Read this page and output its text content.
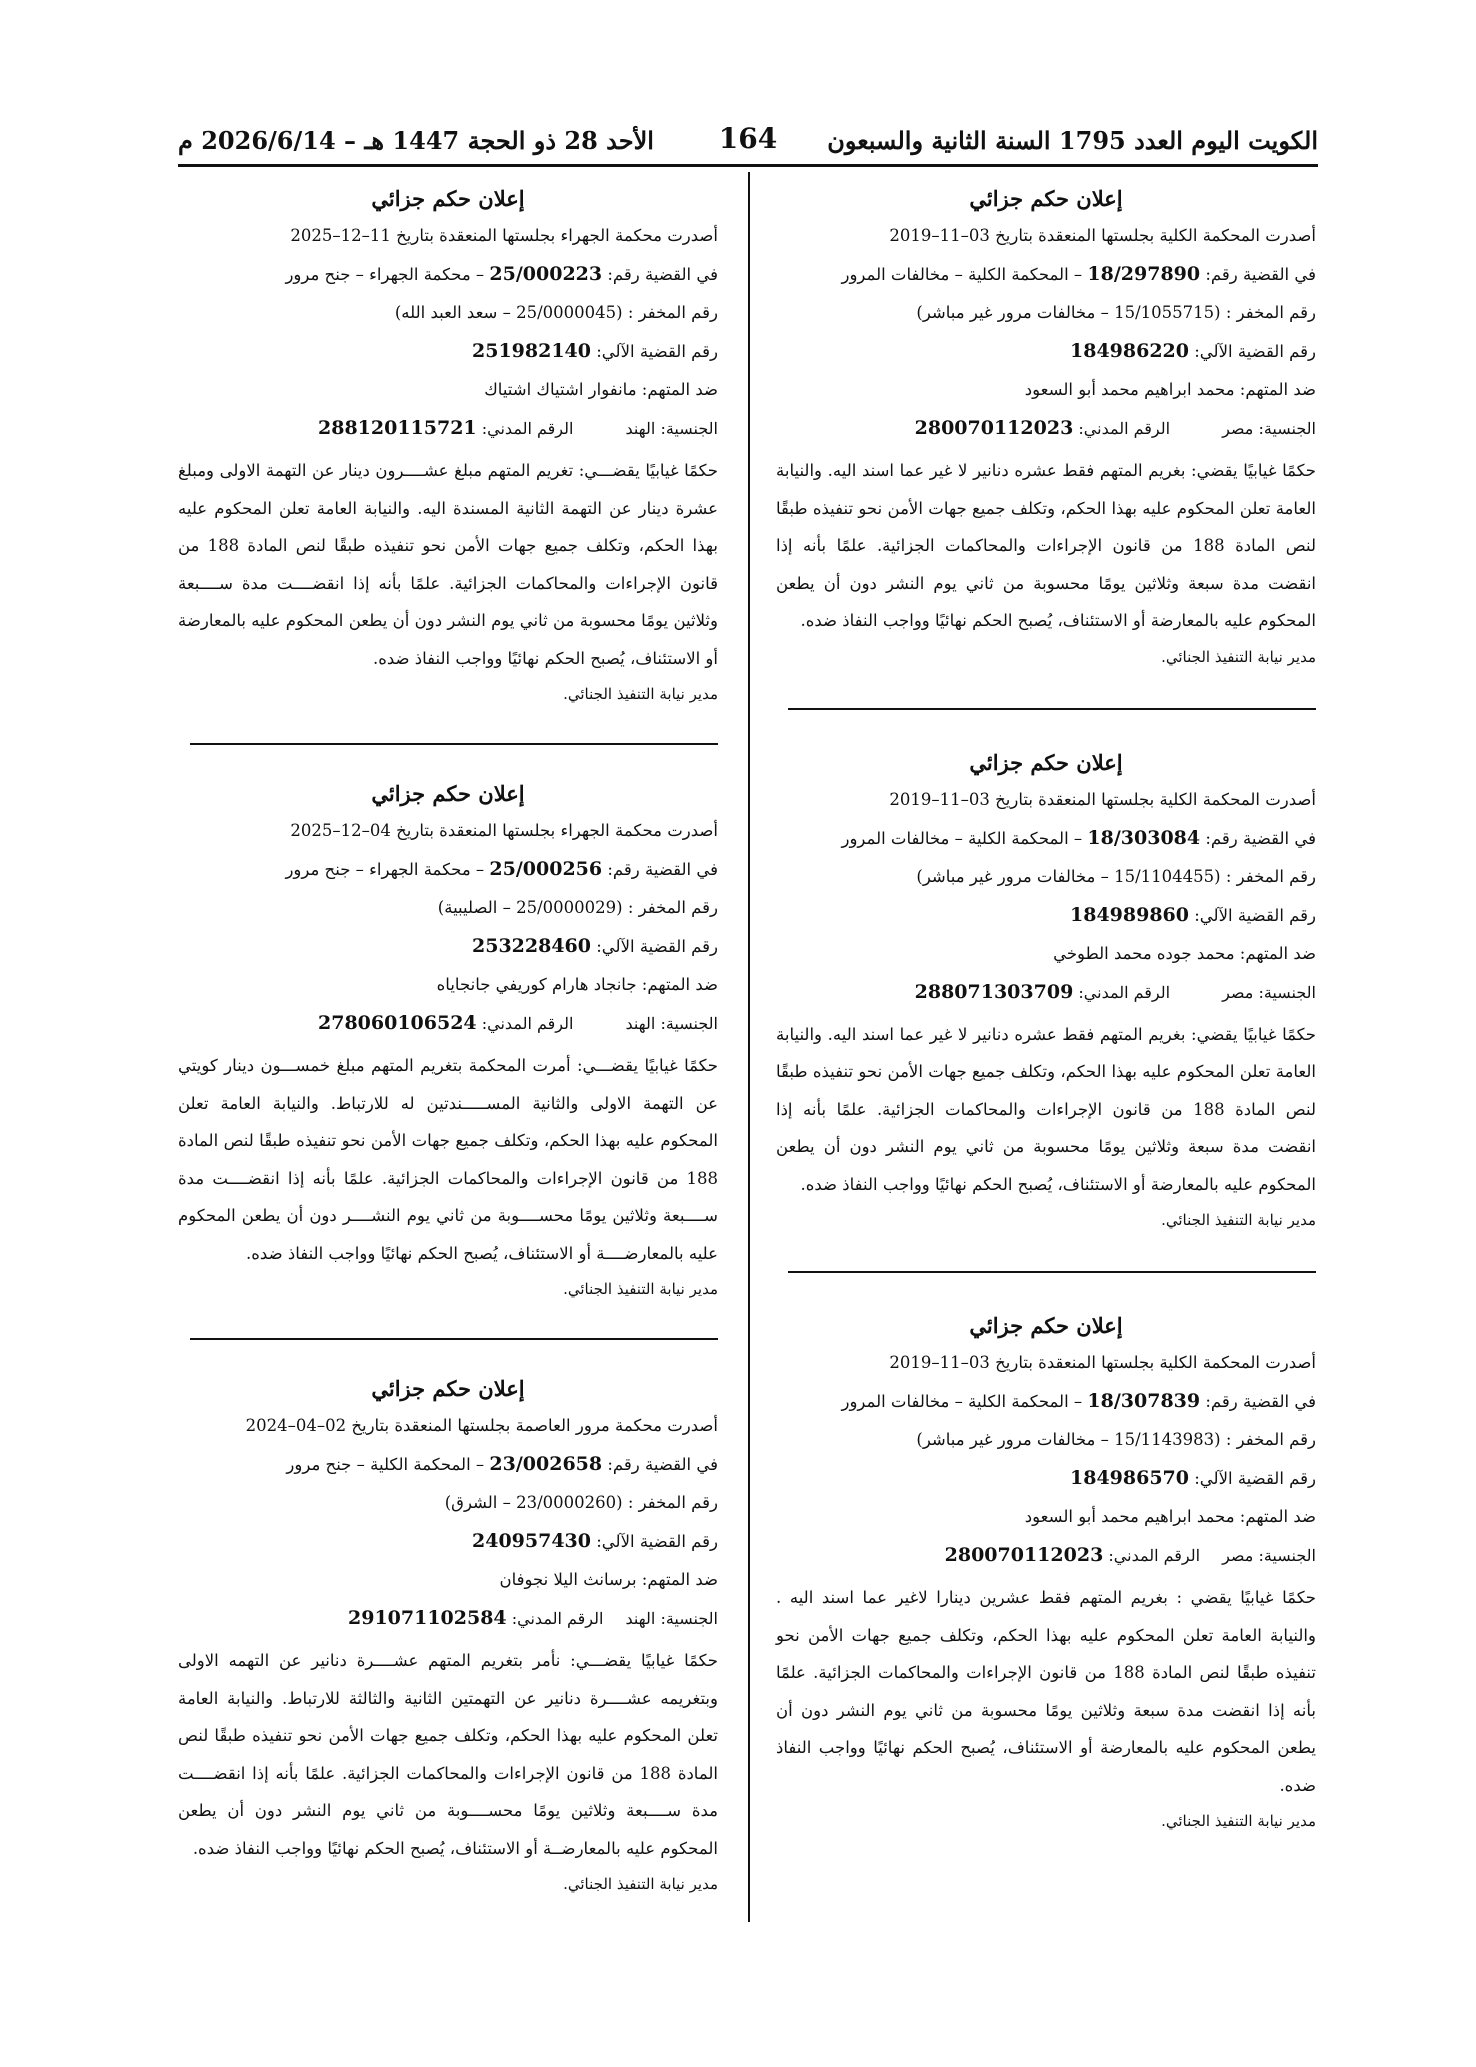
الكويت اليوم العدد 1795 السنة الثانية والسبعون
164
الأحد 28 ذو الحجة 1447 هـ – 2026/6/14 م
إعلان حكم جزائي
أصدرت المحكمة الكلية بجلستها المنعقدة بتاريخ 03–11–2019
في القضية رقم: 18/297890 – المحكمة الكلية – مخالفات المرور
رقم المخفر : (15/1055715 – مخالفات مرور غير مباشر)
رقم القضية الآلي: 184986220
ضد المتهم: محمد ابراهيم محمد أبو السعود
الجنسية: مصرالرقم المدني: 280070112023
حكمًا غيابيًا يقضي: بغريم المتهم فقط عشره دنانير لا غير عما اسند اليه. والنيابة العامة تعلن المحكوم عليه بهذا الحكم، وتكلف جميع جهات الأمن نحو تنفيذه طبقًا لنص المادة 188 من قانون الإجراءات والمحاكمات الجزائية. علمًا بأنه إذا انقضت مدة سبعة وثلاثين يومًا محسوبة من ثاني يوم النشر دون أن يطعن المحكوم عليه بالمعارضة أو الاستئناف، يُصبح الحكم نهائيًا وواجب النفاذ ضده.
مدير نيابة التنفيذ الجنائي.
إعلان حكم جزائي
أصدرت المحكمة الكلية بجلستها المنعقدة بتاريخ 03–11–2019
في القضية رقم: 18/303084 – المحكمة الكلية – مخالفات المرور
رقم المخفر : (15/1104455 – مخالفات مرور غير مباشر)
رقم القضية الآلي: 184989860
ضد المتهم: محمد جوده محمد الطوخي
الجنسية: مصرالرقم المدني: 288071303709
حكمًا غيابيًا يقضي: بغريم المتهم فقط عشره دنانير لا غير عما اسند اليه. والنيابة العامة تعلن المحكوم عليه بهذا الحكم، وتكلف جميع جهات الأمن نحو تنفيذه طبقًا لنص المادة 188 من قانون الإجراءات والمحاكمات الجزائية. علمًا بأنه إذا انقضت مدة سبعة وثلاثين يومًا محسوبة من ثاني يوم النشر دون أن يطعن المحكوم عليه بالمعارضة أو الاستئناف، يُصبح الحكم نهائيًا وواجب النفاذ ضده.
مدير نيابة التنفيذ الجنائي.
إعلان حكم جزائي
أصدرت المحكمة الكلية بجلستها المنعقدة بتاريخ 03–11–2019
في القضية رقم: 18/307839 – المحكمة الكلية – مخالفات المرور
رقم المخفر : (15/1143983 – مخالفات مرور غير مباشر)
رقم القضية الآلي: 184986570
ضد المتهم: محمد ابراهيم محمد أبو السعود
الجنسية: مصرالرقم المدني: 280070112023
حكمًا غيابيًا يقضي : بغريم المتهم فقط عشرين دينارا لاغير عما اسند اليه . والنيابة العامة تعلن المحكوم عليه بهذا الحكم، وتكلف جميع جهات الأمن نحو تنفيذه طبقًا لنص المادة 188 من قانون الإجراءات والمحاكمات الجزائية. علمًا بأنه إذا انقضت مدة سبعة وثلاثين يومًا محسوبة من ثاني يوم النشر دون أن يطعن المحكوم عليه بالمعارضة أو الاستئناف، يُصبح الحكم نهائيًا وواجب النفاذ ضده.
مدير نيابة التنفيذ الجنائي.
إعلان حكم جزائي
أصدرت محكمة الجهراء بجلستها المنعقدة بتاريخ 11–12–2025
في القضية رقم: 25/000223 – محكمة الجهراء – جنح مرور
رقم المخفر : (25/0000045 – سعد العبد الله)
رقم القضية الآلي: 251982140
ضد المتهم: مانفوار اشتياك اشتياك
الجنسية: الهندالرقم المدني: 288120115721
حكمًا غيابيًا يقضـــي: تغريم المتهم مبلغ عشــــرون دينار عن التهمة الاولى ومبلغ عشرة دينار عن التهمة الثانية المسندة اليه. والنيابة العامة تعلن المحكوم عليه بهذا الحكم، وتكلف جميع جهات الأمن نحو تنفيذه طبقًا لنص المادة 188 من قانون الإجراءات والمحاكمات الجزائية. علمًا بأنه إذا انقضــــت مدة ســــبعة وثلاثين يومًا محسوبة من ثاني يوم النشر دون أن يطعن المحكوم عليه بالمعارضة أو الاستئناف، يُصبح الحكم نهائيًا وواجب النفاذ ضده.
مدير نيابة التنفيذ الجنائي.
إعلان حكم جزائي
أصدرت محكمة الجهراء بجلستها المنعقدة بتاريخ 04–12–2025
في القضية رقم: 25/000256 – محكمة الجهراء – جنح مرور
رقم المخفر : (25/0000029 – الصليبية)
رقم القضية الآلي: 253228460
ضد المتهم: جانجاد هارام كوريفي جانجاياه
الجنسية: الهندالرقم المدني: 278060106524
حكمًا غيابيًا يقضـــي: أمرت المحكمة بتغريم المتهم مبلغ خمســـون دينار كويتي عن التهمة الاولى والثانية المســـــندتين له للارتباط. والنيابة العامة تعلن المحكوم عليه بهذا الحكم، وتكلف جميع جهات الأمن نحو تنفيذه طبقًا لنص المادة 188 من قانون الإجراءات والمحاكمات الجزائية. علمًا بأنه إذا انقضــــت مدة ســــبعة وثلاثين يومًا محســــوبة من ثاني يوم النشــــر دون أن يطعن المحكوم عليه بالمعارضــــة أو الاستئناف، يُصبح الحكم نهائيًا وواجب النفاذ ضده.
مدير نيابة التنفيذ الجنائي.
إعلان حكم جزائي
أصدرت محكمة مرور العاصمة بجلستها المنعقدة بتاريخ 02–04–2024
في القضية رقم: 23/002658 – المحكمة الكلية – جنح مرور
رقم المخفر : (23/0000260 – الشرق)
رقم القضية الآلي: 240957430
ضد المتهم: برسانث اليلا نجوفان
الجنسية: الهندالرقم المدني: 291071102584
حكمًا غيابيًا يقضـــي: نأمر بتغريم المتهم عشــــرة دنانير عن التهمه الاولى وبتغريمه عشــــرة دنانير عن التهمتين الثانية والثالثة للارتباط. والنيابة العامة تعلن المحكوم عليه بهذا الحكم، وتكلف جميع جهات الأمن نحو تنفيذه طبقًا لنص المادة 188 من قانون الإجراءات والمحاكمات الجزائية. علمًا بأنه إذا انقضــــت مدة ســــبعة وثلاثين يومًا محســــوبة من ثاني يوم النشر دون أن يطعن المحكوم عليه بالمعارضــة أو الاستئناف، يُصبح الحكم نهائيًا وواجب النفاذ ضده.
مدير نيابة التنفيذ الجنائي.
